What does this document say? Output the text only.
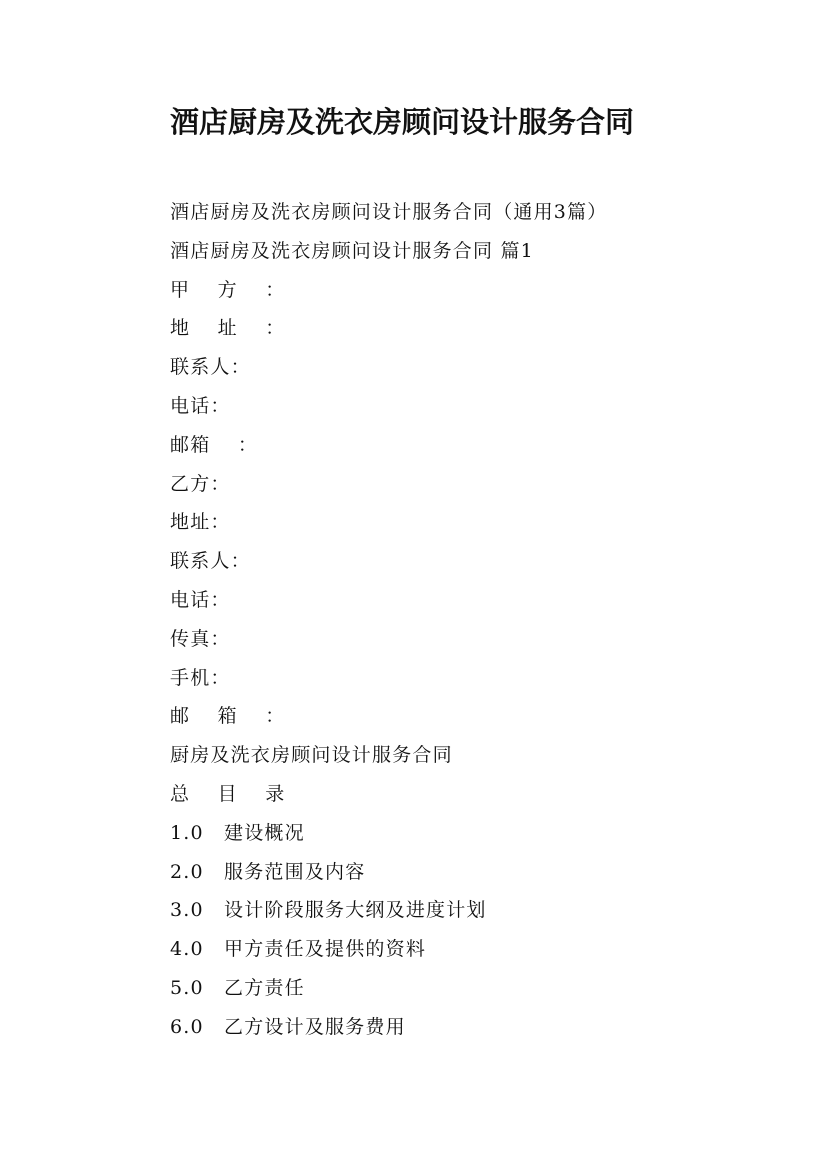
酒店厨房及洗衣房顾问设计服务合同
酒店厨房及洗衣房顾问设计服务合同（通用3篇）
酒店厨房及洗衣房顾问设计服务合同 篇1
甲　 方 　：
地　 址 　：
联系人：
电话：
邮箱　 ：
乙方：
地址：
联系人：
电话：
传真：
手机：
邮　 箱 　：
厨房及洗衣房顾问设计服务合同
总　 目　 录
1.0　建设概况
2.0　服务范围及内容
3.0　设计阶段服务大纲及进度计划
4.0　甲方责任及提供的资料
5.0　乙方责任
6.0　乙方设计及服务费用
